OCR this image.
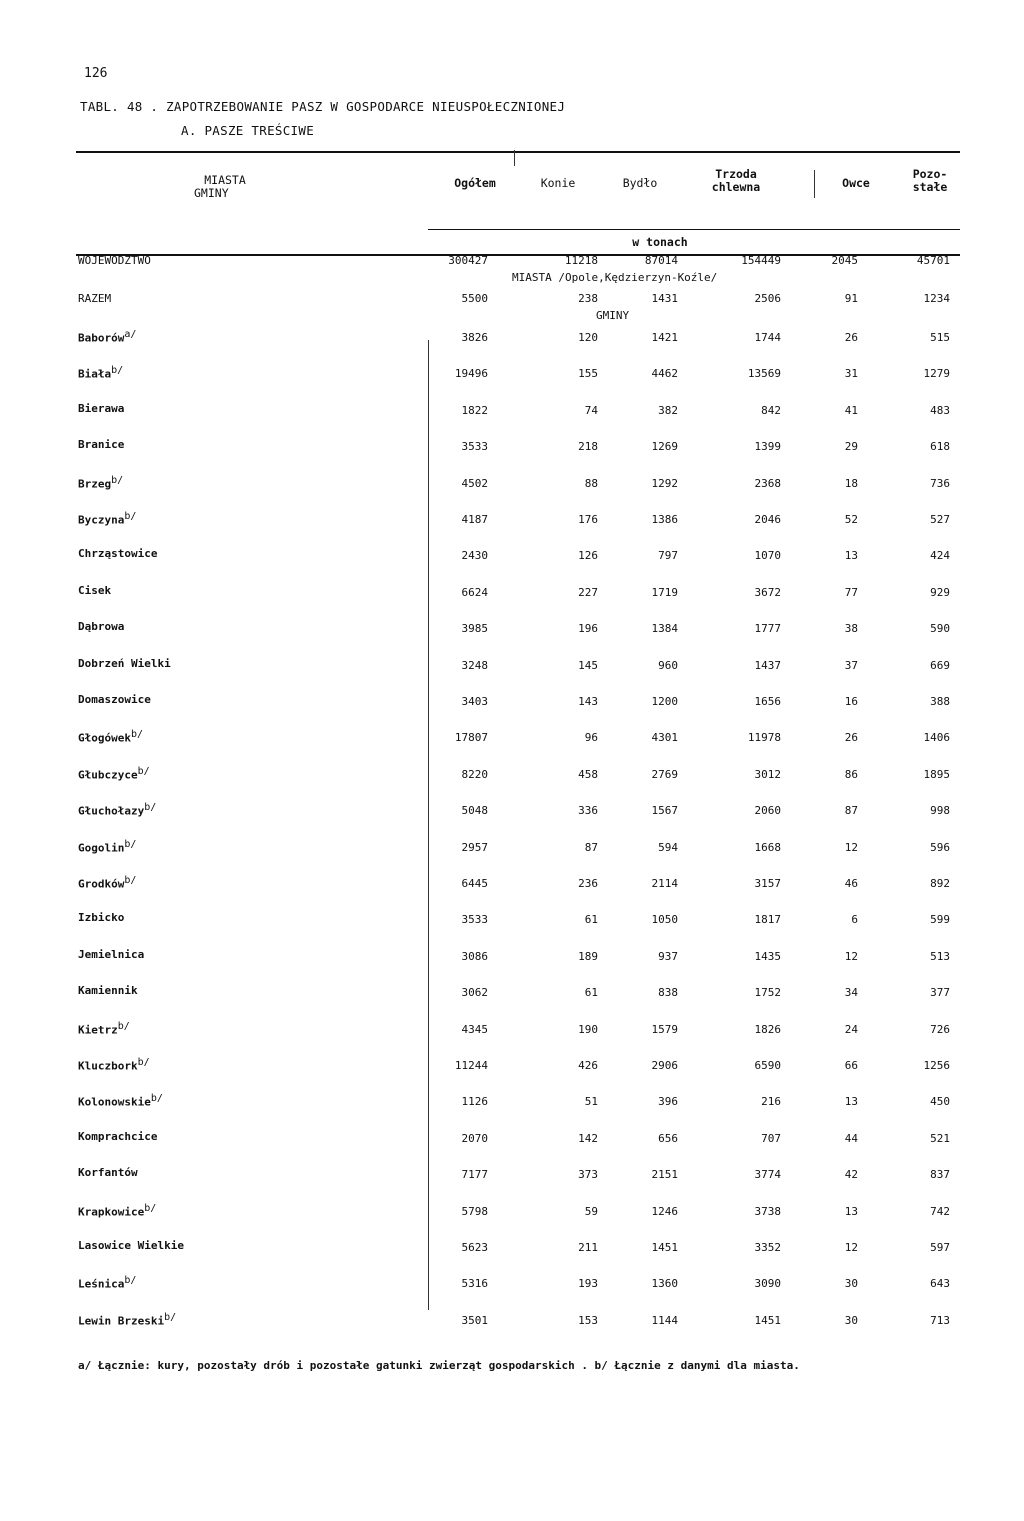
126
TABL. 48 . ZAPOTRZEBOWANIE PASZ W GOSPODARCE NIEUSPOŁECZNIONEJ
A. PASZE TREŚCIWE
MIASTA
GMINY
Ogółem	Konie	Bydło
Trzoda
chlewna	Owce
Pozo-
stałe
w tonach
WOJEWÓDZTWO	300427	11218	87014	154449	2045	45701
MIASTA /Opole,Kędzierzyn-Koźle/
RAZEM	5500	238	1431	2506	91	1234
GMINY
Baborów$^{a/}$	3826	120	1421	1744	26	515
Biała$^{b/}$	19496	155	4462	13569	31	1279
Bierawa	1822	74	382	842	41	483
Branice	3533	218	1269	1399	29	618
Brzeg$^{b/}$	4502	88	1292	2368	18	736
Byczyna$^{b/}$	4187	176	1386	2046	52	527
Chrząstowice	2430	126	797	1070	13	424
Cisek	6624	227	1719	3672	77	929
Dąbrowa	3985	196	1384	1777	38	590
Dobrzeń Wielki	3248	145	960	1437	37	669
Domaszowice	3403	143	1200	1656	16	388
Głogówek$^{b/}$	17807	96	4301	11978	26	1406
Głubczyce$^{b/}$	8220	458	2769	3012	86	1895
Głuchołazy$^{b/}$	5048	336	1567	2060	87	998
Gogolin$^{b/}$	2957	87	594	1668	12	596
Grodków$^{b/}$	6445	236	2114	3157	46	892
Izbicko	3533	61	1050	1817	6	599
Jemielnica	3086	189	937	1435	12	513
Kamiennik	3062	61	838	1752	34	377
Kietrz$^{b/}$	4345	190	1579	1826	24	726
Kluczbork$^{b/}$	11244	426	2906	6590	66	1256
Kolonowskie$^{b/}$	1126	51	396	216	13	450
Komprachcice	2070	142	656	707	44	521
Korfantów	7177	373	2151	3774	42	837
Krapkowice$^{b/}$	5798	59	1246	3738	13	742
Lasowice Wielkie	5623	211	1451	3352	12	597
Leśnica$^{b/}$	5316	193	1360	3090	30	643
Lewin Brzeski$^{b/}$	3501	153	1144	1451	30	713
a/ Łącznie: kury, pozostały drób i pozostałe gatunki zwierząt gospodarskich . b/ Łącznie z danymi dla miasta.
